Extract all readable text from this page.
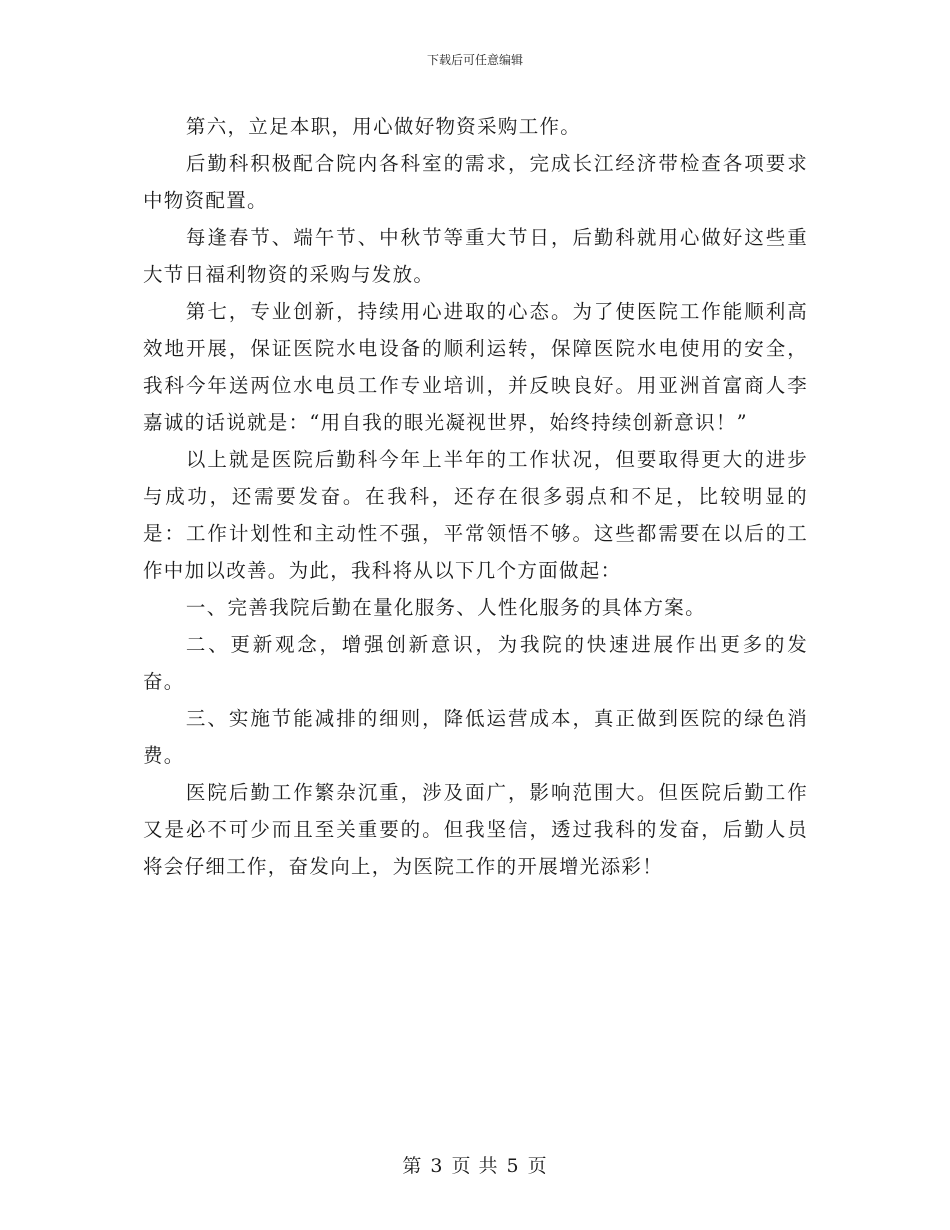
下载后可任意编辑

第六，立足本职，用心做好物资采购工作。

后勤科积极配合院内各科室的需求，完成长江经济带检查各项要求中物资配置。

每逢春节、端午节、中秋节等重大节日，后勤科就用心做好这些重大节日福利物资的采购与发放。

第七，专业创新，持续用心进取的心态。为了使医院工作能顺利高效地开展，保证医院水电设备的顺利运转，保障医院水电使用的安全，我科今年送两位水电员工作专业培训，并反映良好。用亚洲首富商人李嘉诚的话说就是：“用自我的眼光凝视世界，始终持续创新意识！”

以上就是医院后勤科今年上半年的工作状况，但要取得更大的进步与成功，还需要发奋。在我科，还存在很多弱点和不足，比较明显的是：工作计划性和主动性不强，平常领悟不够。这些都需要在以后的工作中加以改善。为此，我科将从以下几个方面做起：

一、完善我院后勤在量化服务、人性化服务的具体方案。

二、更新观念，增强创新意识，为我院的快速进展作出更多的发奋。

三、实施节能减排的细则，降低运营成本，真正做到医院的绿色消费。

医院后勤工作繁杂沉重，涉及面广，影响范围大。但医院后勤工作又是必不可少而且至关重要的。但我坚信，透过我科的发奋，后勤人员将会仔细工作，奋发向上，为医院工作的开展增光添彩！

第 3 页 共 5 页
